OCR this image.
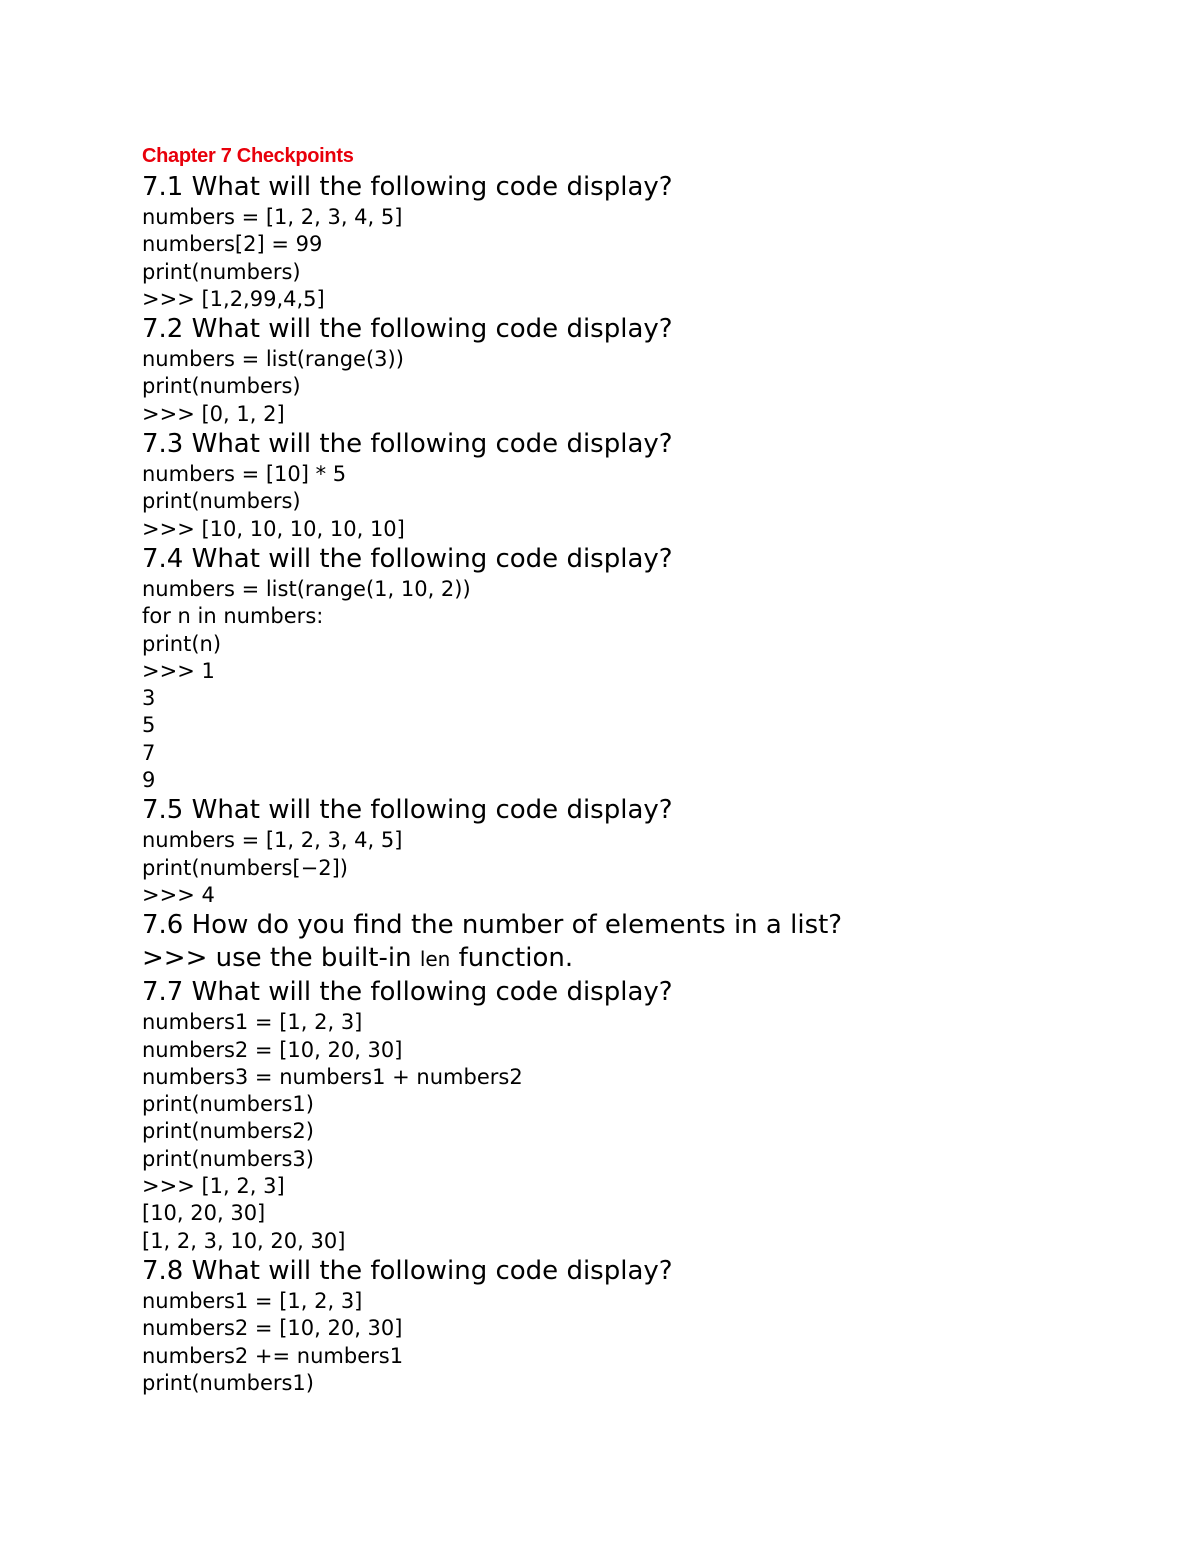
Chapter 7 Checkpoints
7.1 What will the following code display?
numbers = [1, 2, 3, 4, 5]
numbers[2] = 99
print(numbers)
>>> [1,2,99,4,5]
7.2 What will the following code display?
numbers = list(range(3))
print(numbers)
>>> [0, 1, 2]
7.3 What will the following code display?
numbers = [10] * 5
print(numbers)
>>> [10, 10, 10, 10, 10]
7.4 What will the following code display?
numbers = list(range(1, 10, 2))
for n in numbers:
print(n)
>>> 1
3
5
7
9
7.5 What will the following code display?
numbers = [1, 2, 3, 4, 5]
print(numbers[−2])
>>> 4
7.6 How do you find the number of elements in a list?
>>> use the built-in len function.
7.7 What will the following code display?
numbers1 = [1, 2, 3]
numbers2 = [10, 20, 30]
numbers3 = numbers1 + numbers2
print(numbers1)
print(numbers2)
print(numbers3)
>>> [1, 2, 3]
[10, 20, 30]
[1, 2, 3, 10, 20, 30]
7.8 What will the following code display?
numbers1 = [1, 2, 3]
numbers2 = [10, 20, 30]
numbers2 += numbers1
print(numbers1)
